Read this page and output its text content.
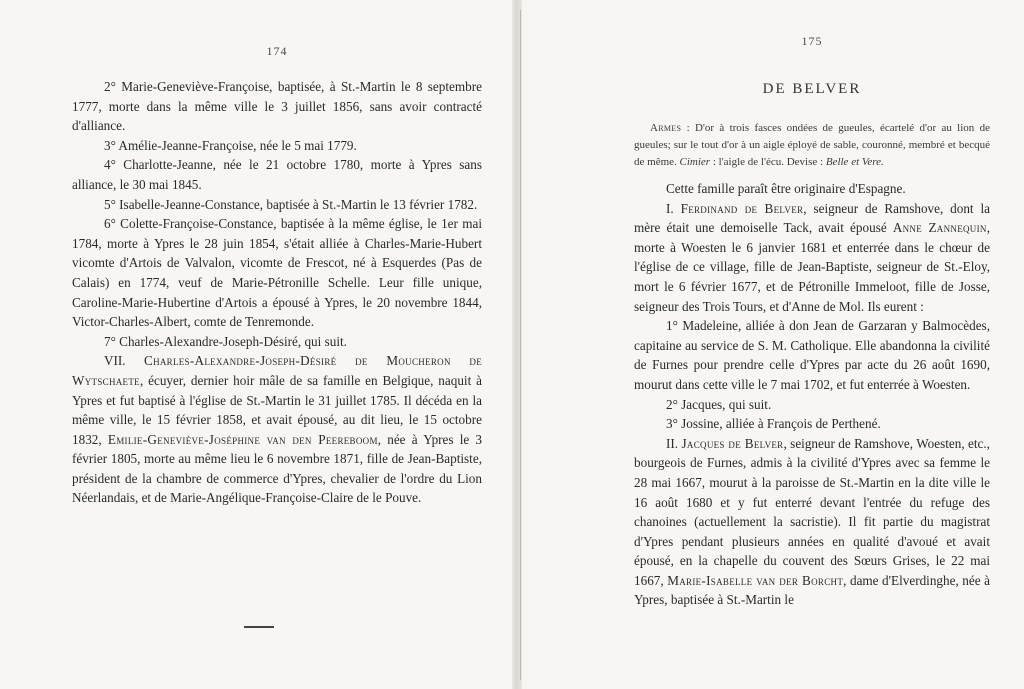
174

2° Marie-Geneviève-Françoise, baptisée, à St.-Martin le 8 septembre 1777, morte dans la même ville le 3 juillet 1856, sans avoir contracté d'alliance.

3° Amélie-Jeanne-Françoise, née le 5 mai 1779.

4° Charlotte-Jeanne, née le 21 octobre 1780, morte à Ypres sans alliance, le 30 mai 1845.

5° Isabelle-Jeanne-Constance, baptisée à St.-Martin le 13 février 1782.

6° Colette-Françoise-Constance, baptisée à la même église, le 1er mai 1784, morte à Ypres le 28 juin 1854, s'était alliée à Charles-Marie-Hubert vicomte d'Artois de Valvalon, vicomte de Frescot, né à Esquerdes (Pas de Calais) en 1774, veuf de Marie-Pétronille Schelle. Leur fille unique, Caroline-Marie-Hubertine d'Artois a épousé à Ypres, le 20 novembre 1844, Victor-Charles-Albert, comte de Tenremonde.

7° Charles-Alexandre-Joseph-Désiré, qui suit.

VII. Charles-Alexandre-Joseph-Désiré de Moucheron de Wytschaete, écuyer, dernier hoir mâle de sa famille en Belgique, naquit à Ypres et fut baptisé à l'église de St.-Martin le 31 juillet 1785. Il décéda en la même ville, le 15 février 1858, et avait épousé, au dit lieu, le 15 octobre 1832, Emilie-Geneviève-Joséphine van den Peereboom, née à Ypres le 3 février 1805, morte au même lieu le 6 novembre 1871, fille de Jean-Baptiste, président de la chambre de commerce d'Ypres, chevalier de l'ordre du Lion Néerlandais, et de Marie-Angélique-Françoise-Claire de le Pouve.

175
DE BELVER

Armes : D'or à trois fasces ondées de gueules, écartelé d'or au lion de gueules; sur le tout d'or à un aigle éployé de sable, couronné, membré et becqué de même. Cimier : l'aigle de l'écu. Devise : Belle et Vere.

Cette famille paraît être originaire d'Espagne.

I. Ferdinand de Belver, seigneur de Ramshove, dont la mère était une demoiselle Tack, avait épousé Anne Zannequin, morte à Woesten le 6 janvier 1681 et enterrée dans le chœur de l'église de ce village, fille de Jean-Baptiste, seigneur de St.-Eloy, mort le 6 février 1677, et de Pétronille Immeloot, fille de Josse, seigneur des Trois Tours, et d'Anne de Mol. Ils eurent :

1° Madeleine, alliée à don Jean de Garzaran y Balmocèdes, capitaine au service de S. M. Catholique. Elle abandonna la civilité de Furnes pour prendre celle d'Ypres par acte du 26 août 1690, mourut dans cette ville le 7 mai 1702, et fut enterrée à Woesten.

2° Jacques, qui suit.

3° Jossine, alliée à François de Perthené.

II. Jacques de Belver, seigneur de Ramshove, Woesten, etc., bourgeois de Furnes, admis à la civilité d'Ypres avec sa femme le 28 mai 1667, mourut à la paroisse de St.-Martin en la dite ville le 16 août 1680 et y fut enterré devant l'entrée du refuge des chanoines (actuellement la sacristie). Il fit partie du magistrat d'Ypres pendant plusieurs années en qualité d'avoué et avait épousé, en la chapelle du couvent des Sœurs Grises, le 22 mai 1667, Marie-Isabelle van der Borcht, dame d'Elverdinghe, née à Ypres, baptisée à St.-Martin le
